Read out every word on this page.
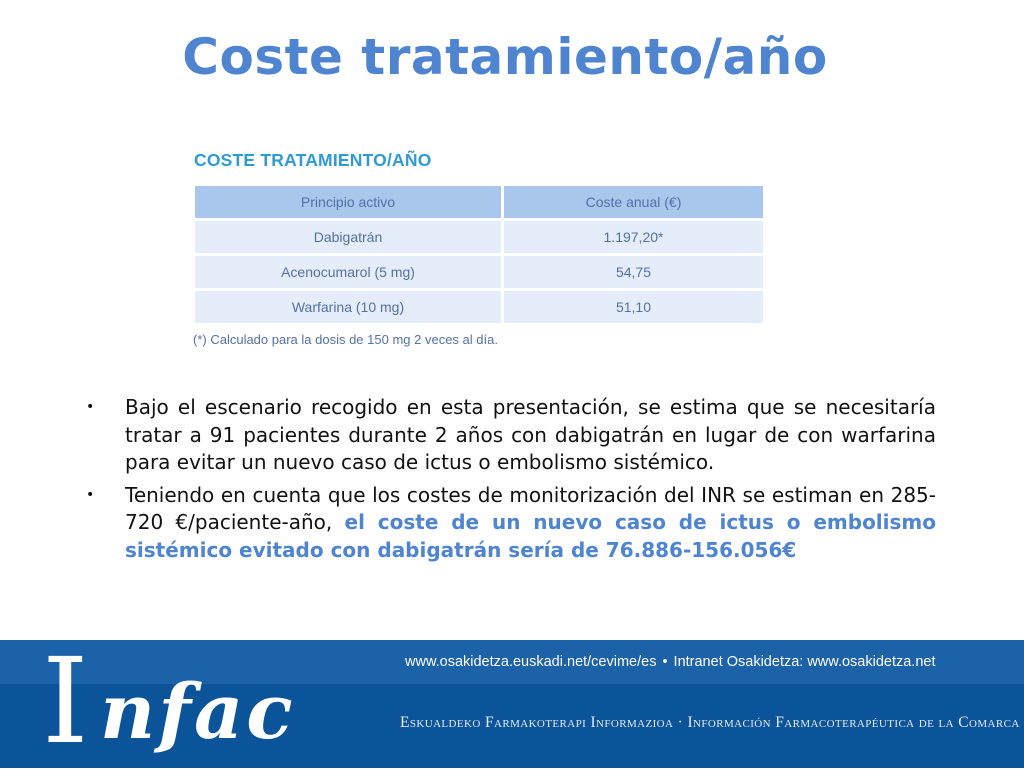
Coste tratamiento/año
COSTE TRATAMIENTO/AÑO
Principio activo	Coste anual (€)
Dabigatrán	1.197,20*
Acenocumarol (5 mg)	54,75
Warfarina (10 mg)	51,10
(*) Calculado para la dosis de 150 mg 2 veces al día.
• Bajo el escenario recogido en esta presentación, se estima que se necesitaría tratar a 91 pacientes durante 2 años con dabigatrán en lugar de con warfarina para evitar un nuevo caso de ictus o embolismo sistémico.
• Teniendo en cuenta que los costes de monitorización del INR se estiman en 285-720 €/paciente-año, el coste de un nuevo caso de ictus o embolismo sistémico evitado con dabigatrán sería de 76.886-156.056€
www.osakidetza.euskadi.net/cevime/es • Intranet Osakidetza: www.osakidetza.net
I nfac	Eskualdeko Farmakoterapi Informazioa · Información Farmacoterapéutica de la Comarca
